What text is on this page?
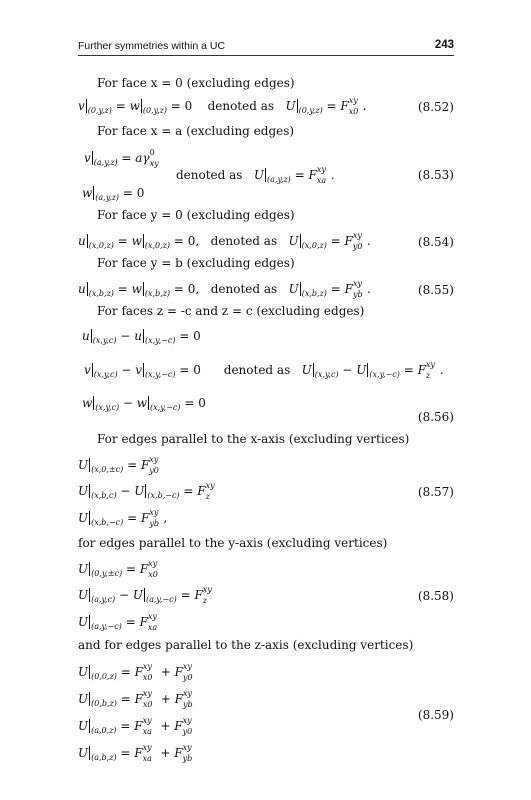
Further symmetries within a UC	243
For face x = 0 (excluding edges)
v $_{(0,y,z)}$ = w $_{(0,y,z)}$ = 0 denoted as   U $_{(0,y,z)}$ = F xy
x0 .	(8.52)
For face x = a (excluding edges)
v $_{(a,y,z)}$ = aγ 0
xy
denoted as   U $_{(a,y,z)}$ = F xy
xa .
w $_{(a,y,z)}$ = 0
(8.53)
For face y = 0 (excluding edges)
u $_{(x,0,z)}$ = w $_{(x,0,z)}$ = 0, denoted as   U $_{(x,0,z)}$ = F xy
y0 .	(8.54)
For face y = b (excluding edges)
u $_{(x,b,z)}$ = w $_{(x,b,z)}$ = 0, denoted as   U $_{(x,b,z)}$ = F xy
yb .	(8.55)
For faces z = -c and z = c (excluding edges)
u $_{(x,y,c)}$ − u $_{(x,y,-c)}$ = 0
v $_{(x,y,c)}$ − v $_{(x,y,-c)}$ = 0 denoted as   U $_{(x,y,c)}$ − U $_{(x,y,-c)}$ = F xy
z .
w $_{(x,y,c)}$ − w $_{(x,y,-c)}$ = 0
(8.56)
For edges parallel to the x-axis (excluding vertices)
U $_{(x,0,\pm c)}$ = F xy
y0
U $_{(x,b,c)}$ − U $_{(x,b,-c)}$ = F xy
z
U $_{(x,b,-c)}$ = F xy
yb ,
(8.57)
for edges parallel to the y-axis (excluding vertices)
U $_{(0,y,\pm c)}$ = F xy
x0
U $_{(a,y,c)}$ − U $_{(a,y,-c)}$ = F xy
z
U $_{(a,y,-c)}$ = F xy
xa
(8.58)
and for edges parallel to the z-axis (excluding vertices)
U $_{(0,0,z)}$ = F xy
x0 + F xy
y0
U $_{(0,b,z)}$ = F xy
x0 + F xy
yb
U $_{(a,0,z)}$ = F xy
xa + F xy
y0
U $_{(a,b,z)}$ = F xy
xa + F xy
yb
(8.59)
